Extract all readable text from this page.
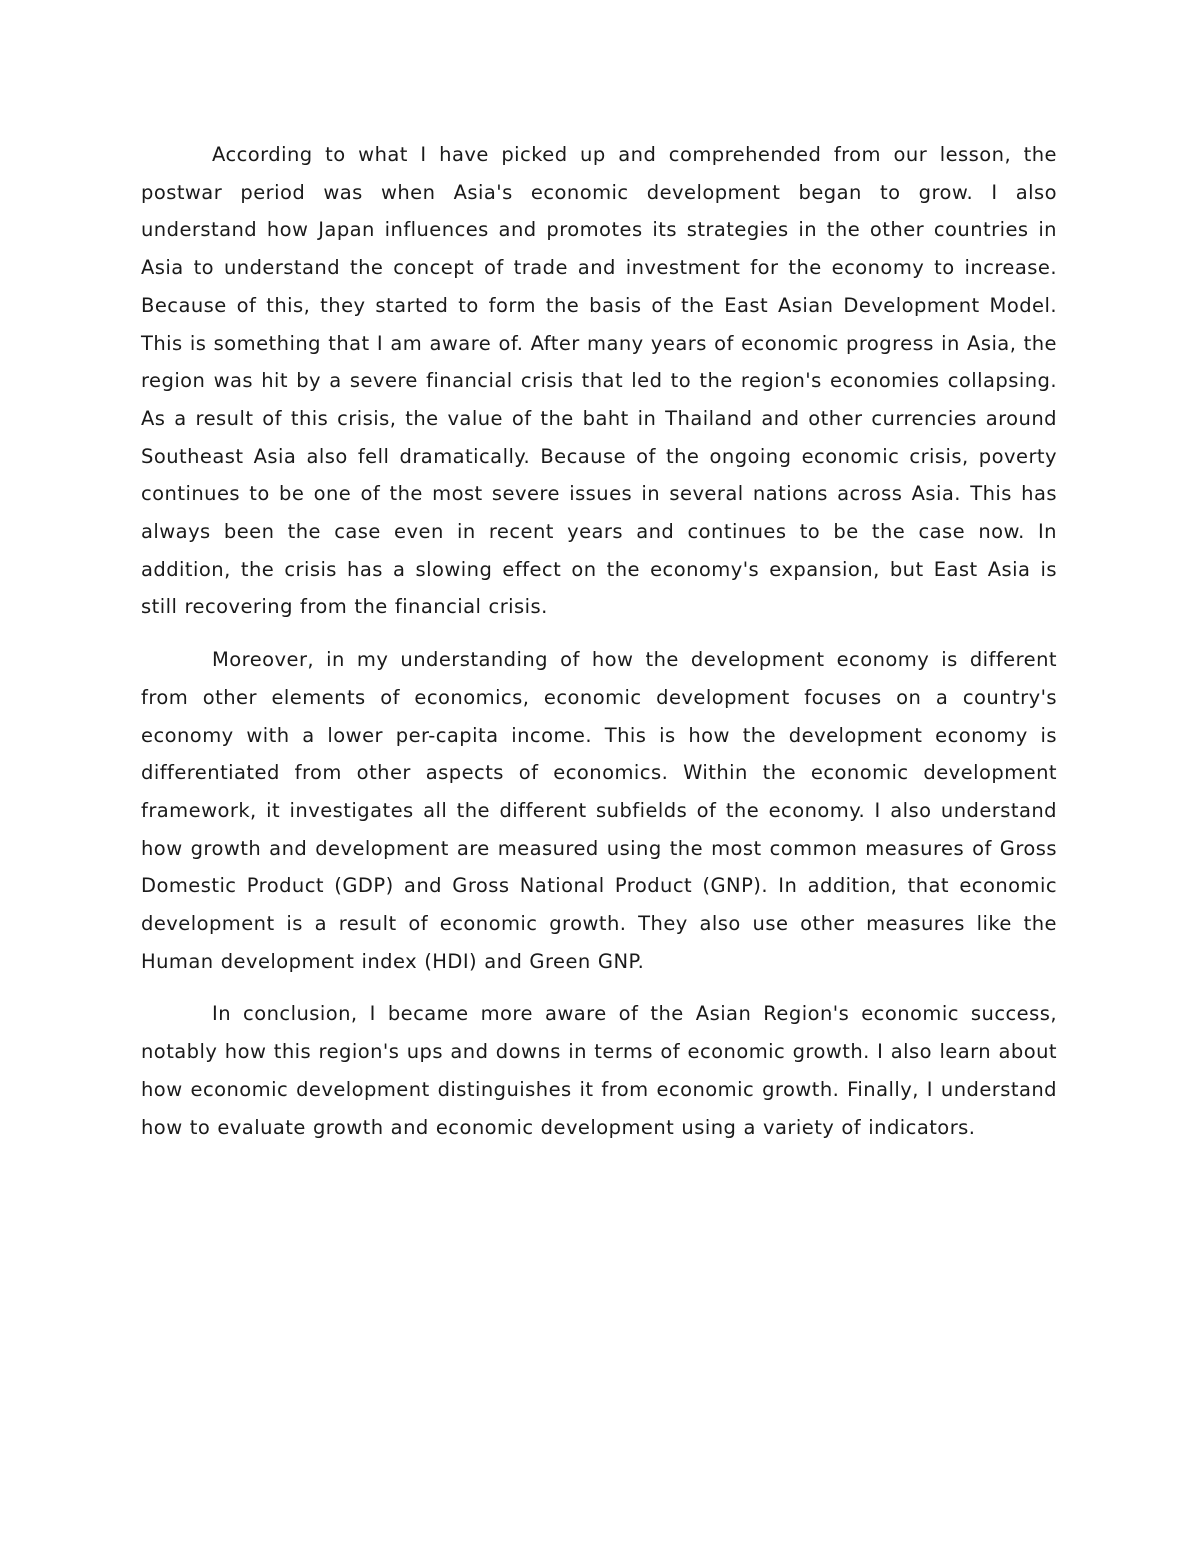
According to what I have picked up and comprehended from our lesson, the postwar period was when Asia's economic development began to grow. I also understand how Japan influences and promotes its strategies in the other countries in Asia to understand the concept of trade and investment for the economy to increase. Because of this, they started to form the basis of the East Asian Development Model. This is something that I am aware of. After many years of economic progress in Asia, the region was hit by a severe financial crisis that led to the region's economies collapsing. As a result of this crisis, the value of the baht in Thailand and other currencies around Southeast Asia also fell dramatically. Because of the ongoing economic crisis, poverty continues to be one of the most severe issues in several nations across Asia. This has always been the case even in recent years and continues to be the case now. In addition, the crisis has a slowing effect on the economy's expansion, but East Asia is still recovering from the financial crisis.

Moreover, in my understanding of how the development economy is different from other elements of economics, economic development focuses on a country's economy with a lower per-capita income. This is how the development economy is differentiated from other aspects of economics. Within the economic development framework, it investigates all the different subfields of the economy. I also understand how growth and development are measured using the most common measures of Gross Domestic Product (GDP) and Gross National Product (GNP). In addition, that economic development is a result of economic growth. They also use other measures like the Human development index (HDI) and Green GNP.

In conclusion, I became more aware of the Asian Region's economic success, notably how this region's ups and downs in terms of economic growth. I also learn about how economic development distinguishes it from economic growth. Finally, I understand how to evaluate growth and economic development using a variety of indicators.
